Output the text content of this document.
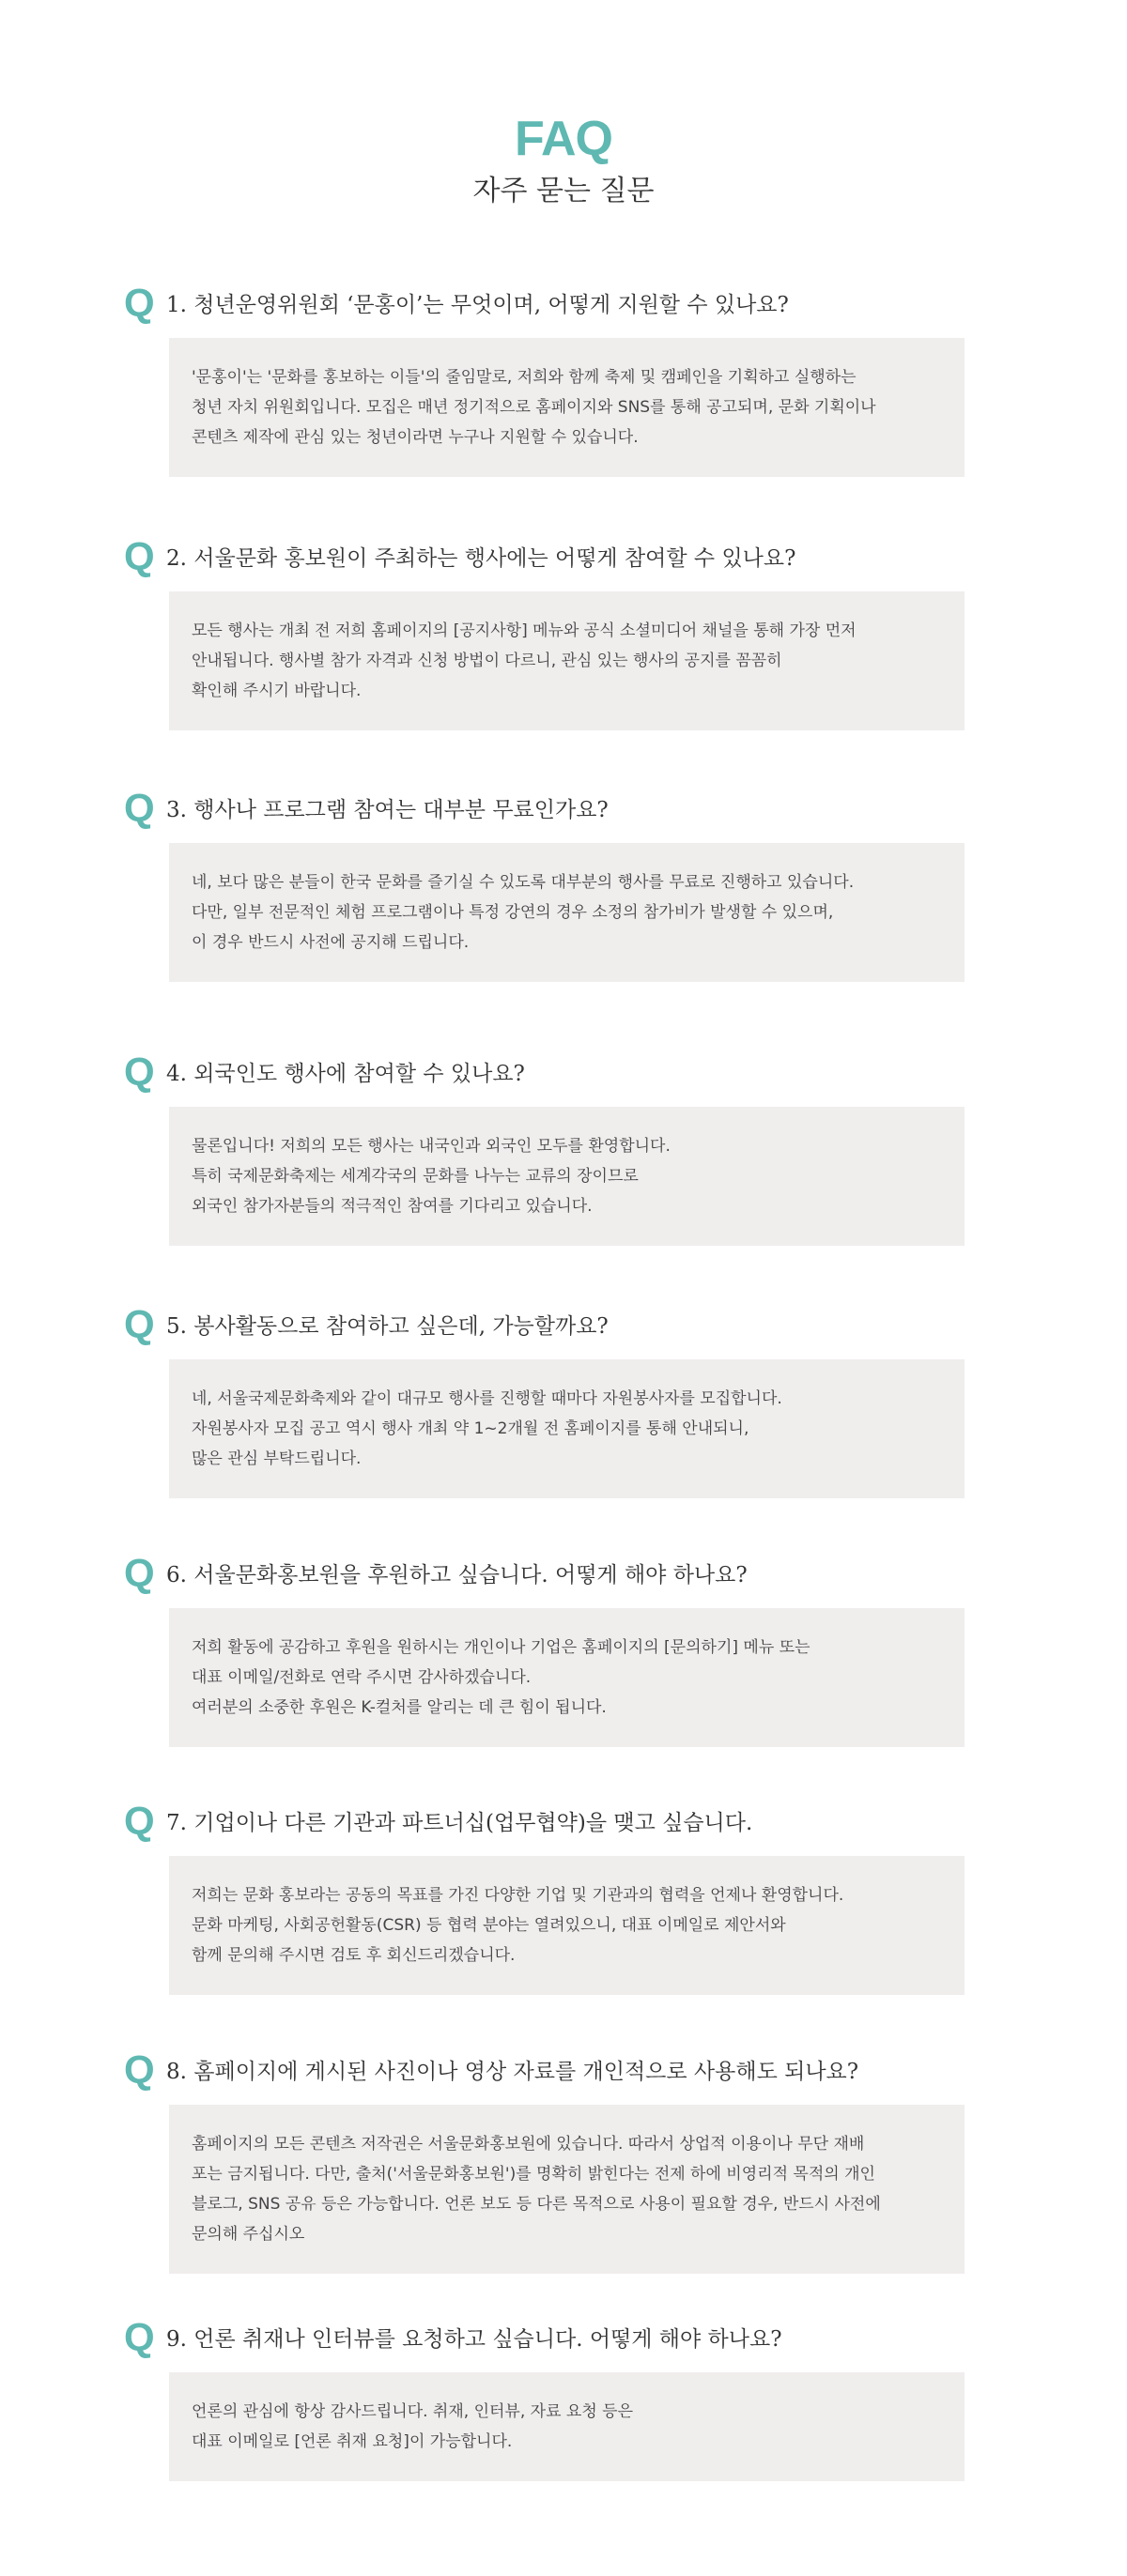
FAQ
자주 묻는 질문
Q 1. 청년운영위원회 ‘문홍이’는 무엇이며, 어떻게 지원할 수 있나요?
'문홍이'는 '문화를 홍보하는 이들'의 줄임말로, 저희와 함께 축제 및 캠페인을 기획하고 실행하는
청년 자치 위원회입니다. 모집은 매년 정기적으로 홈페이지와 SNS를 통해 공고되며, 문화 기획이나
콘텐츠 제작에 관심 있는 청년이라면 누구나 지원할 수 있습니다.
Q 2. 서울문화 홍보원이 주최하는 행사에는 어떻게 참여할 수 있나요?
모든 행사는 개최 전 저희 홈페이지의 [공지사항] 메뉴와 공식 소셜미디어 채널을 통해 가장 먼저
안내됩니다. 행사별 참가 자격과 신청 방법이 다르니, 관심 있는 행사의 공지를 꼼꼼히
확인해 주시기 바랍니다.
Q 3. 행사나 프로그램 참여는 대부분 무료인가요?
네, 보다 많은 분들이 한국 문화를 즐기실 수 있도록 대부분의 행사를 무료로 진행하고 있습니다.
다만, 일부 전문적인 체험 프로그램이나 특정 강연의 경우 소정의 참가비가 발생할 수 있으며,
이 경우 반드시 사전에 공지해 드립니다.
Q 4. 외국인도 행사에 참여할 수 있나요?
물론입니다! 저희의 모든 행사는 내국인과 외국인 모두를 환영합니다.
특히 국제문화축제는 세계각국의 문화를 나누는 교류의 장이므로
외국인 참가자분들의 적극적인 참여를 기다리고 있습니다.
Q 5. 봉사활동으로 참여하고 싶은데, 가능할까요?
네, 서울국제문화축제와 같이 대규모 행사를 진행할 때마다 자원봉사자를 모집합니다.
자원봉사자 모집 공고 역시 행사 개최 약 1~2개월 전 홈페이지를 통해 안내되니,
많은 관심 부탁드립니다.
Q 6. 서울문화홍보원을 후원하고 싶습니다. 어떻게 해야 하나요?
저희 활동에 공감하고 후원을 원하시는 개인이나 기업은 홈페이지의 [문의하기] 메뉴 또는
대표 이메일/전화로 연락 주시면 감사하겠습니다.
여러분의 소중한 후원은 K-컬처를 알리는 데 큰 힘이 됩니다.
Q 7. 기업이나 다른 기관과 파트너십(업무협약)을 맺고 싶습니다.
저희는 문화 홍보라는 공동의 목표를 가진 다양한 기업 및 기관과의 협력을 언제나 환영합니다.
문화 마케팅, 사회공헌활동(CSR) 등 협력 분야는 열려있으니, 대표 이메일로 제안서와
함께 문의해 주시면 검토 후 회신드리겠습니다.
Q 8. 홈페이지에 게시된 사진이나 영상 자료를 개인적으로 사용해도 되나요?
홈페이지의 모든 콘텐츠 저작권은 서울문화홍보원에 있습니다. 따라서 상업적 이용이나 무단 재배
포는 금지됩니다. 다만, 출처('서울문화홍보원')를 명확히 밝힌다는 전제 하에 비영리적 목적의 개인
블로그, SNS 공유 등은 가능합니다. 언론 보도 등 다른 목적으로 사용이 필요할 경우, 반드시 사전에
문의해 주십시오
Q 9. 언론 취재나 인터뷰를 요청하고 싶습니다. 어떻게 해야 하나요?
언론의 관심에 항상 감사드립니다. 취재, 인터뷰, 자료 요청 등은
대표 이메일로 [언론 취재 요청]이 가능합니다.
